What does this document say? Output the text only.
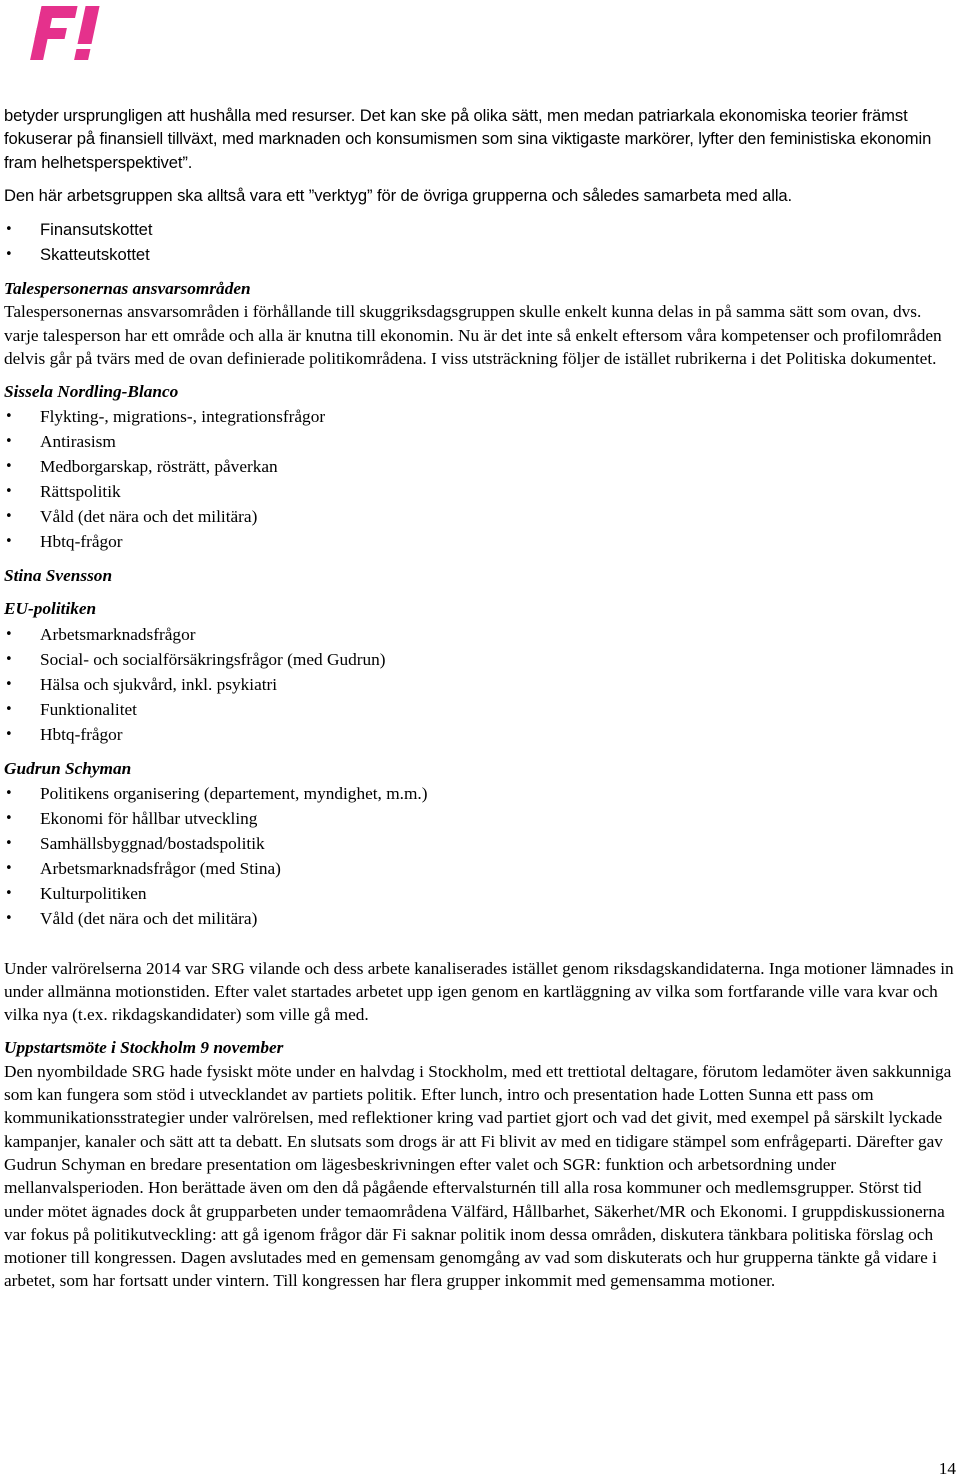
betyder ursprungligen att hushålla med resurser. Det kan ske på olika sätt, men medan patriarkala ekonomiska teorier främst fokuserar på finansiell tillväxt, med marknaden och konsumismen som sina viktigaste markörer, lyfter den feministiska ekonomin fram helhetsperspektivet”.

Den här arbetsgruppen ska alltså vara ett ”verktyg” för de övriga grupperna och således samarbeta med alla.

• Finansutskottet
• Skatteutskottet
Talespersonernas ansvarsområden

Talespersonernas ansvarsområden i förhållande till skuggriksdagsgruppen skulle enkelt kunna delas in på samma sätt som ovan, dvs. varje talesperson har ett område och alla är knutna till ekonomin. Nu är det inte så enkelt eftersom våra kompetenser och profilområden delvis går på tvärs med de ovan definierade politikområdena. I viss utsträckning följer de istället rubrikerna i det Politiska dokumentet.

Sissela Nordling-Blanco
• Flykting-, migrations-, integrationsfrågor
• Antirasism
• Medborgarskap, rösträtt, påverkan
• Rättspolitik
• Våld (det nära och det militära)
• Hbtq-frågor
Stina Svensson
EU-politiken
• Arbetsmarknadsfrågor
• Social- och socialförsäkringsfrågor (med Gudrun)
• Hälsa och sjukvård, inkl. psykiatri
• Funktionalitet
• Hbtq-frågor
Gudrun Schyman
• Politikens organisering (departement, myndighet, m.m.)
• Ekonomi för hållbar utveckling
• Samhällsbyggnad/bostadspolitik
• Arbetsmarknadsfrågor (med Stina)
• Kulturpolitiken
• Våld (det nära och det militära)

Under valrörelserna 2014 var SRG vilande och dess arbete kanaliserades istället genom riksdagskandidaterna. Inga motioner lämnades in under allmänna motionstiden. Efter valet startades arbetet upp igen genom en kartläggning av vilka som fortfarande ville vara kvar och vilka nya (t.ex. rikdagskandidater) som ville gå med.

Uppstartsmöte i Stockholm 9 november

Den nyombildade SRG hade fysiskt möte under en halvdag i Stockholm, med ett trettiotal deltagare, förutom ledamöter även sakkunniga som kan fungera som stöd i utvecklandet av partiets politik. Efter lunch, intro och presentation hade Lotten Sunna ett pass om kommunikationsstrategier under valrörelsen, med reflektioner kring vad partiet gjort och vad det givit, med exempel på särskilt lyckade kampanjer, kanaler och sätt att ta debatt. En slutsats som drogs är att Fi blivit av med en tidigare stämpel som enfrågeparti. Därefter gav Gudrun Schyman en bredare presentation om lägesbeskrivningen efter valet och SGR: funktion och arbetsordning under mellanvalsperioden. Hon berättade även om den då pågående eftervalsturnén till alla rosa kommuner och medlemsgrupper. Störst tid under mötet ägnades dock åt grupparbeten under temaområdena Välfärd, Hållbarhet, Säkerhet/MR och Ekonomi. I gruppdiskussionerna var fokus på politikutveckling: att gå igenom frågor där Fi saknar politik inom dessa områden, diskutera tänkbara politiska förslag och motioner till kongressen. Dagen avslutades med en gemensam genomgång av vad som diskuterats och hur grupperna tänkte gå vidare i arbetet, som har fortsatt under vintern. Till kongressen har flera grupper inkommit med gemensamma motioner.

14
